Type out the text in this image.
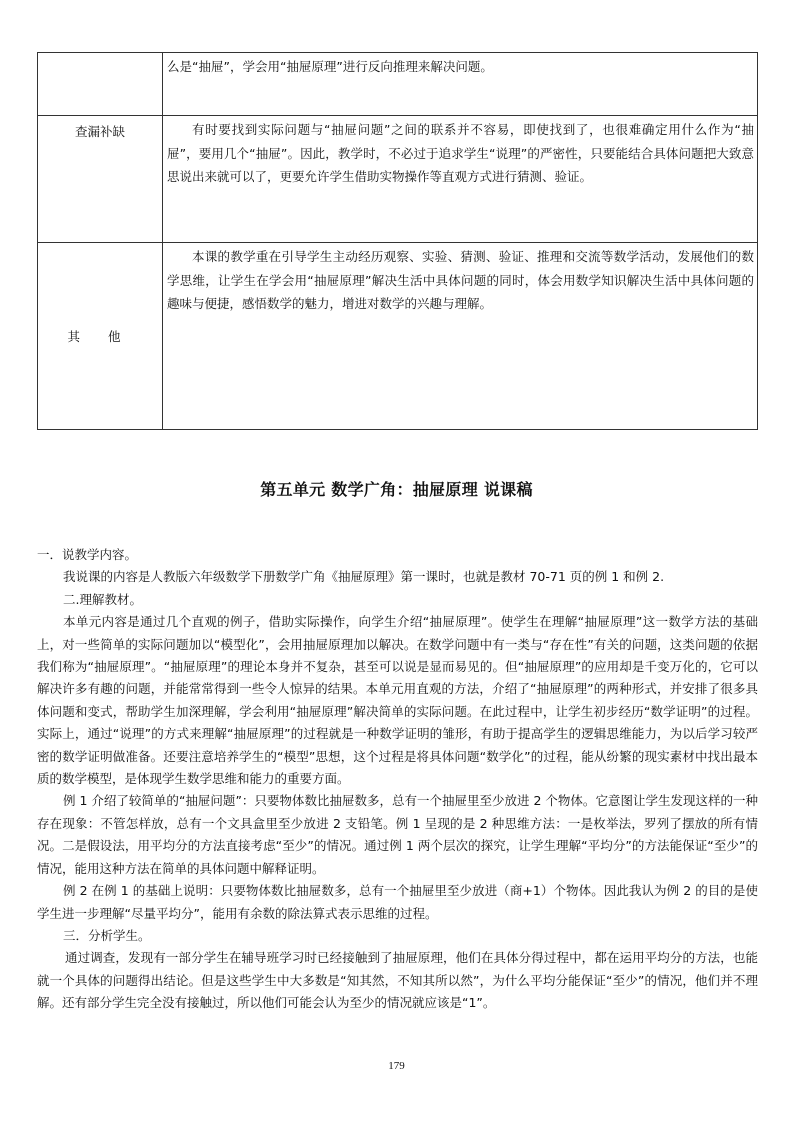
	么是“抽屉”，学会用“抽屉原理”进行反向推理来解决问题。
查漏补缺	有时要找到实际问题与“抽屉问题”之间的联系并不容易，即使找到了，也很难确定用什么作为“抽屉”，要用几个“抽屉”。因此，教学时，不必过于追求学生“说理”的严密性，只要能结合具体问题把大致意思说出来就可以了，更要允许学生借助实物操作等直观方式进行猜测、验证。
其 他	本课的教学重在引导学生主动经历观察、实验、猜测、验证、推理和交流等数学活动，发展他们的数学思维，让学生在学会用“抽屉原理”解决生活中具体问题的同时，体会用数学知识解决生活中具体问题的趣味与便捷，感悟数学的魅力，增进对数学的兴趣与理解。
第五单元 数学广角：抽屉原理 说课稿

一．说教学内容。

我说课的内容是人教版六年级数学下册数学广角《抽屉原理》第一课时，也就是教材 70-71 页的例 1 和例 2.

二.理解教材。

本单元内容是通过几个直观的例子，借助实际操作，向学生介绍“抽屉原理”。使学生在理解“抽屉原理”这一数学方法的基础上，对一些简单的实际问题加以“模型化”，会用抽屉原理加以解决。在数学问题中有一类与“存在性”有关的问题，这类问题的依据我们称为“抽屉原理”。“抽屉原理”的理论本身并不复杂，甚至可以说是显而易见的。但“抽屉原理”的应用却是千变万化的，它可以解决许多有趣的问题，并能常常得到一些令人惊异的结果。本单元用直观的方法，介绍了“抽屉原理”的两种形式，并安排了很多具体问题和变式，帮助学生加深理解，学会利用“抽屉原理”解决简单的实际问题。在此过程中，让学生初步经历“数学证明”的过程。实际上，通过“说理”的方式来理解“抽屉原理”的过程就是一种数学证明的雏形，有助于提高学生的逻辑思维能力，为以后学习较严密的数学证明做准备。还要注意培养学生的“模型”思想，这个过程是将具体问题“数学化”的过程，能从纷繁的现实素材中找出最本质的数学模型，是体现学生数学思维和能力的重要方面。

例 1 介绍了较简单的“抽屉问题”：只要物体数比抽屉数多，总有一个抽屉里至少放进 2 个物体。它意图让学生发现这样的一种存在现象：不管怎样放，总有一个文具盒里至少放进 2 支铅笔。例 1 呈现的是 2 种思维方法：一是枚举法，罗列了摆放的所有情况。二是假设法，用平均分的方法直接考虑“至少”的情况。通过例 1 两个层次的探究，让学生理解“平均分”的方法能保证“至少”的情况，能用这种方法在简单的具体问题中解释证明。

例 2 在例 1 的基础上说明：只要物体数比抽屉数多，总有一个抽屉里至少放进（商+1）个物体。因此我认为例 2 的目的是使学生进一步理解“尽量平均分”，能用有余数的除法算式表示思维的过程。

三．分析学生。

通过调查，发现有一部分学生在辅导班学习时已经接触到了抽屉原理，他们在具体分得过程中，都在运用平均分的方法，也能就一个具体的问题得出结论。但是这些学生中大多数是“知其然，不知其所以然”，为什么平均分能保证“至少”的情况，他们并不理解。还有部分学生完全没有接触过，所以他们可能会认为至少的情况就应该是“1”。

179
